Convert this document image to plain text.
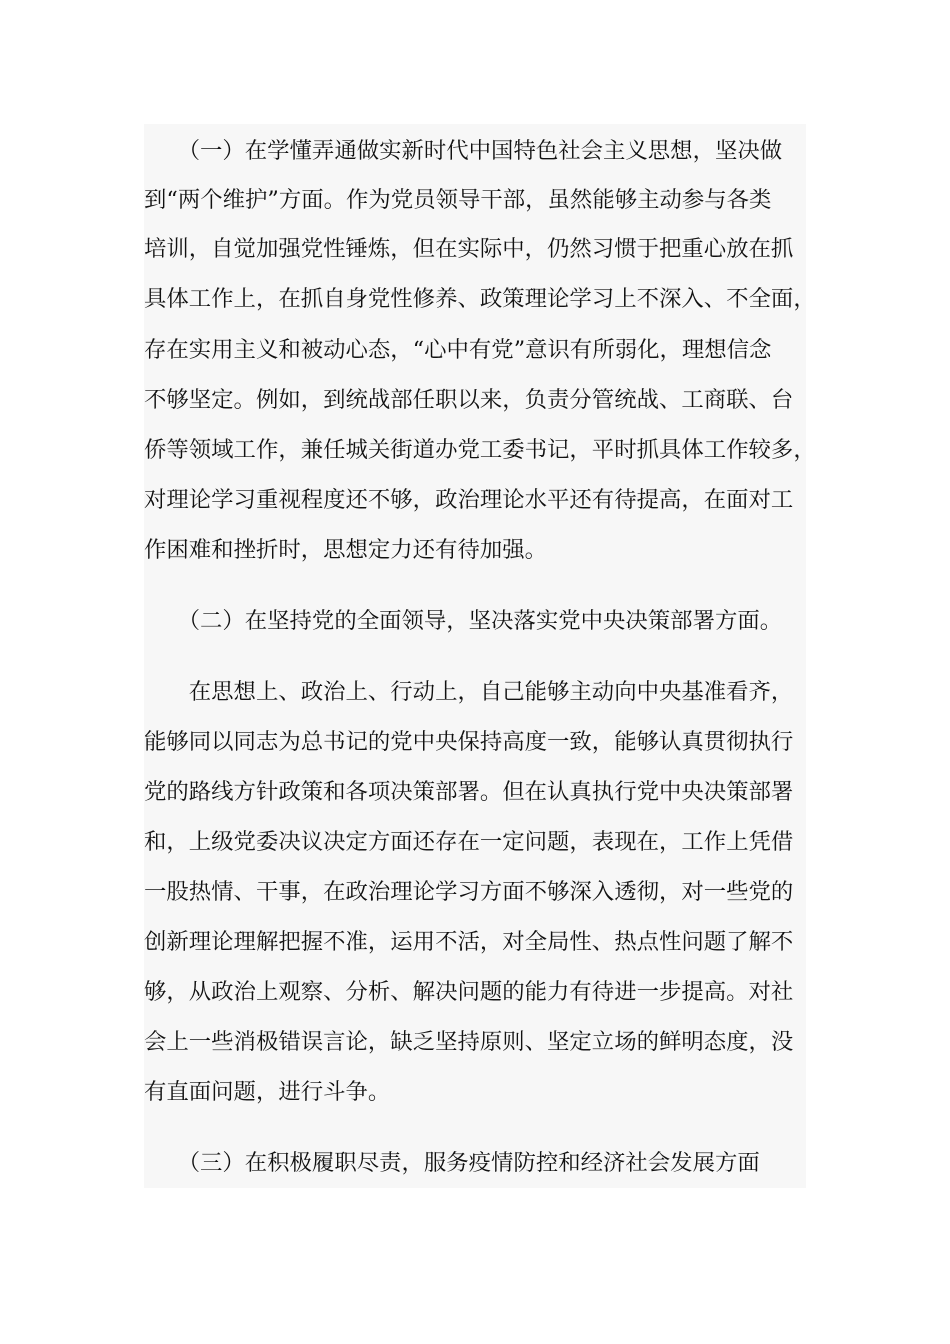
　　（一）在学懂弄通做实新时代中国特色社会主义思想，坚决做
到“两个维护”方面。作为党员领导干部，虽然能够主动参与各类
培训，自觉加强党性锤炼，但在实际中，仍然习惯于把重心放在抓
具体工作上，在抓自身党性修养、政策理论学习上不深入、不全面，
存在实用主义和被动心态，“心中有党”意识有所弱化，理想信念
不够坚定。例如，到统战部任职以来，负责分管统战、工商联、台
侨等领域工作，兼任城关街道办党工委书记，平时抓具体工作较多，
对理论学习重视程度还不够，政治理论水平还有待提高，在面对工
作困难和挫折时，思想定力还有待加强。
　　（二）在坚持党的全面领导，坚决落实党中央决策部署方面。
　　在思想上、政治上、行动上，自己能够主动向中央基准看齐，
能够同以同志为总书记的党中央保持高度一致，能够认真贯彻执行
党的路线方针政策和各项决策部署。但在认真执行党中央决策部署
和，上级党委决议决定方面还存在一定问题，表现在，工作上凭借
一股热情、干事，在政治理论学习方面不够深入透彻，对一些党的
创新理论理解把握不准，运用不活，对全局性、热点性问题了解不
够，从政治上观察、分析、解决问题的能力有待进一步提高。对社
会上一些消极错误言论，缺乏坚持原则、坚定立场的鲜明态度，没
有直面问题，进行斗争。
　　（三）在积极履职尽责，服务疫情防控和经济社会发展方面
